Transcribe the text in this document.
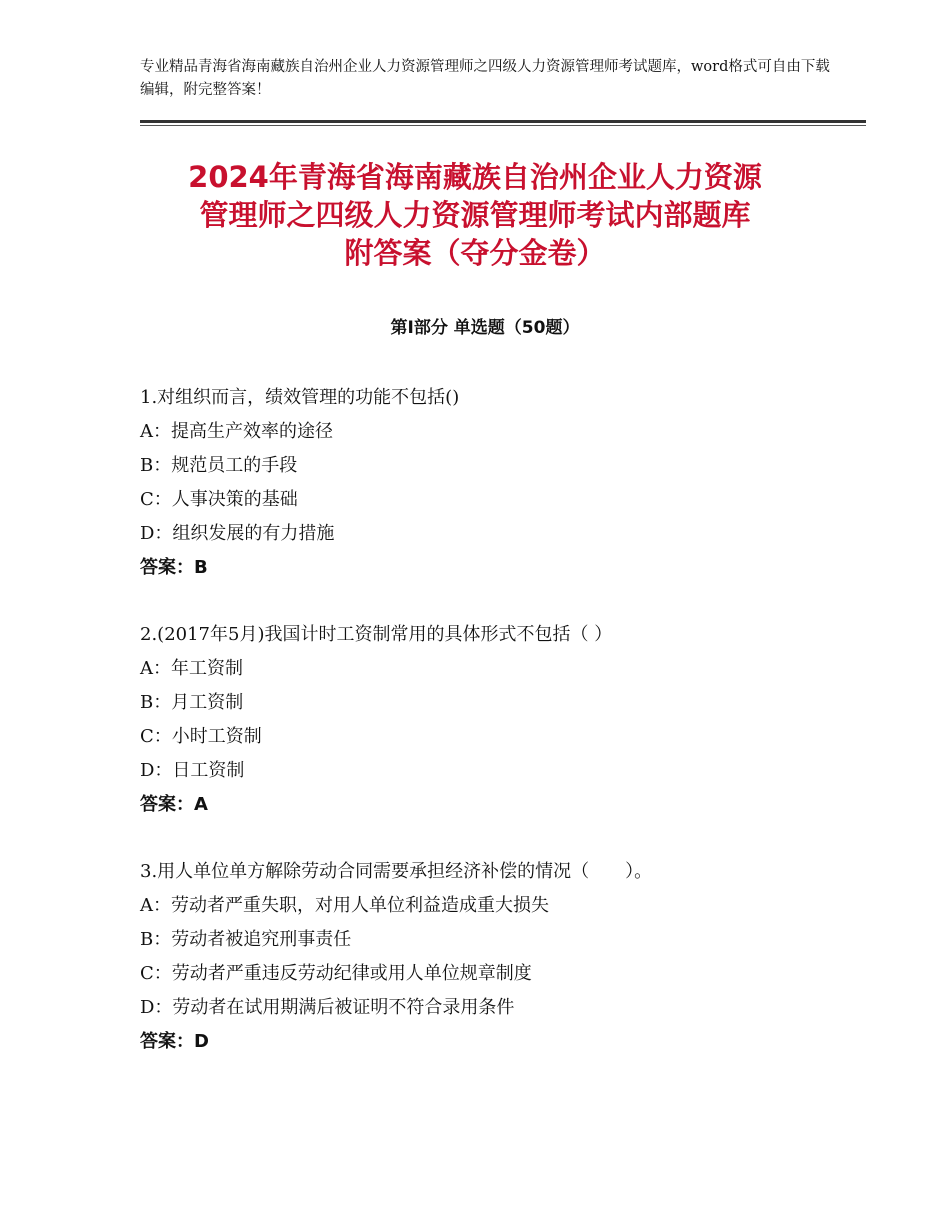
专业精品青海省海南藏族自治州企业人力资源管理师之四级人力资源管理师考试题库，word格式可自由下载编辑，附完整答案！
2024年青海省海南藏族自治州企业人力资源
管理师之四级人力资源管理师考试内部题库
附答案（夺分金卷）
第Ⅰ部分 单选题（50题）
1.对组织而言，绩效管理的功能不包括()
A：提高生产效率的途径
B：规范员工的手段
C：人事决策的基础
D：组织发展的有力措施
答案：B
2.(2017年5月)我国计时工资制常用的具体形式不包括（ ）
A：年工资制
B：月工资制
C：小时工资制
D：日工资制
答案：A
3.用人单位单方解除劳动合同需要承担经济补偿的情况（　　）。
A：劳动者严重失职，对用人单位利益造成重大损失
B：劳动者被追究刑事责任
C：劳动者严重违反劳动纪律或用人单位规章制度
D：劳动者在试用期满后被证明不符合录用条件
答案：D
